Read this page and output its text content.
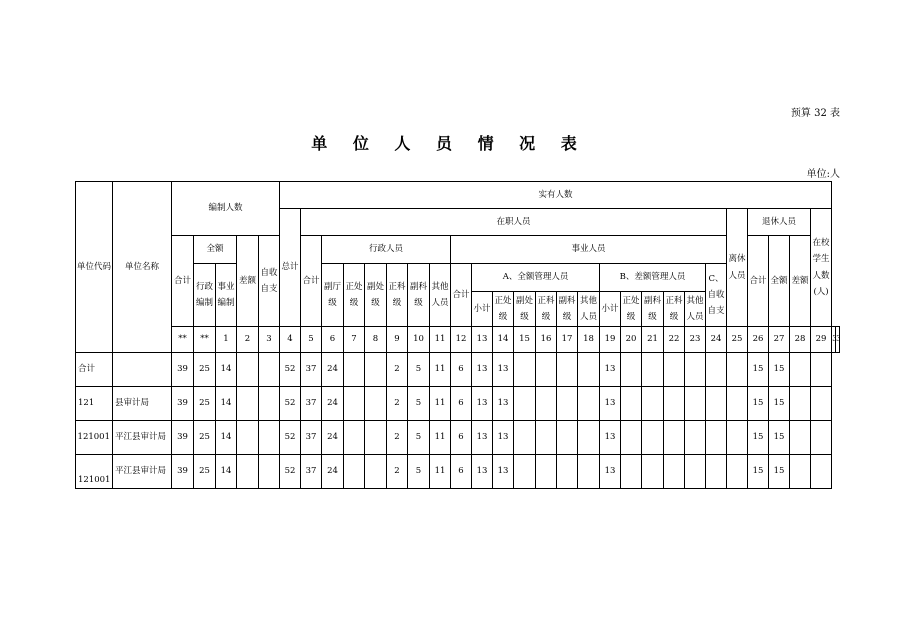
预算 32 表
单 位 人 员 情 况 表
单位:人
单位代码	单位名称	编制人数					实有人数																											
							总计	在职人员																				离休人员	退休人员			在校学生人数(人)		
		合计	全额		差额	自收自支		合计	行政人员						事业人员														合计	全额	差额			
			行政编制	事业编制					副厅级	正处级	副处级	正科级	副科级	其他人员	合计	A、全额管理人员						B、差额管理人员					C、自收自支							
																小计	正处级	副处级	正科级	副科级	其他人员	小计	正处级	副科级	正科级	其他人员								
		**	**	1	2	3	4	5	6	7	8	9	10	11	12	13	14	15	16	17	18	19	20	21	22	23	24	25	26	27	28	29		
合计		39	25	14			52	37	24			2	5	11	6	13	13					13							15	15				
121	县审计局	39	25	14			52	37	24			2	5	11	6	13	13					13							15	15				
121001	平江县审计局	39	25	14			52	37	24			2	5	11	6	13	13					13							15	15				
121001	平江县审计局	39	25	14			52	37	24			2	5	11	6	13	13					13							15	15				
